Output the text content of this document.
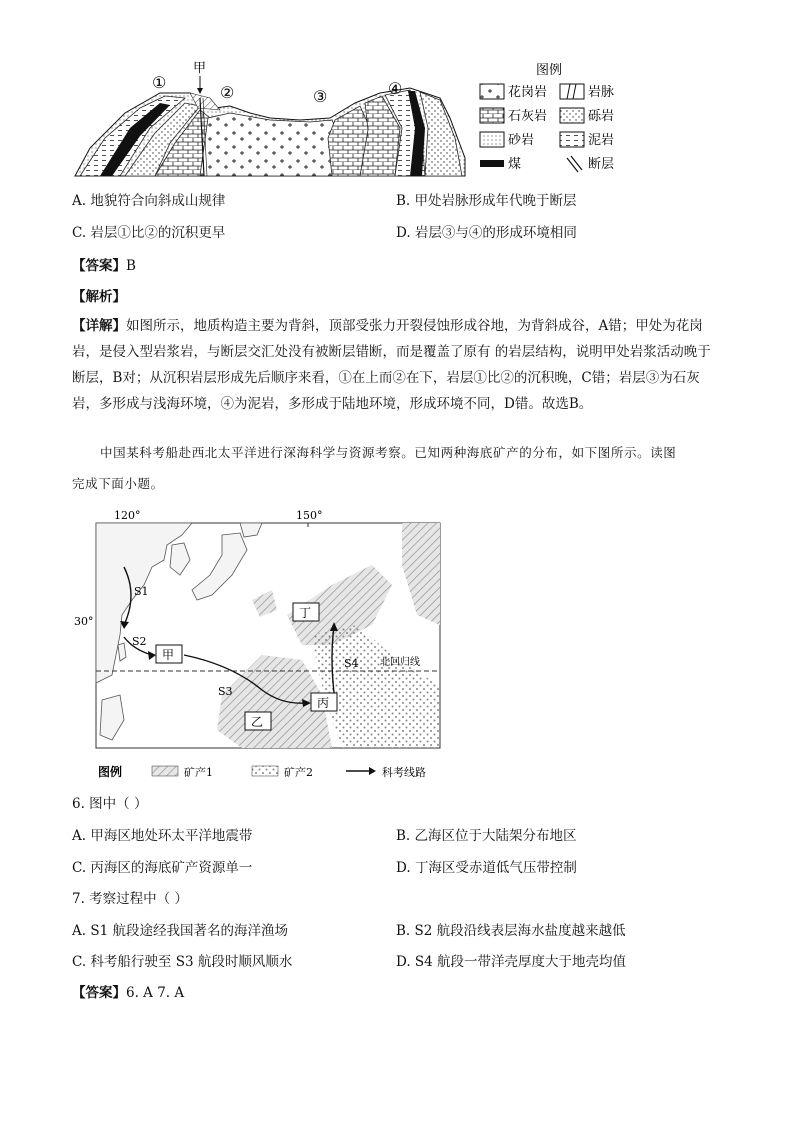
①
甲
②	③	④
图例
花岗岩	岩脉
石灰岩	砾岩
砂岩	泥岩
煤	断层
A. 地貌符合向斜成山规律	B. 甲处岩脉形成年代晚于断层
C. 岩层①比②的沉积更早	D. 岩层③与④的形成环境相同
【答案】B
【解析】
【详解】如图所示，地质构造主要为背斜，顶部受张力开裂侵蚀形成谷地，为背斜成谷，A错；甲处为花岗岩，是侵入型岩浆岩，与断层交汇处没有被断层错断，而是覆盖了原有 的岩层结构，说明甲处岩浆活动晚于断层，B对；从沉积岩层形成先后顺序来看，①在上而②在下，岩层①比②的沉积晚，C错；岩层③为石灰岩，多形成与浅海环境，④为泥岩，多形成于陆地环境，形成环境不同，D错。故选B。
中国某科考船赴西北太平洋进行深海科学与资源考察。已知两种海底矿产的分布，如下图所示。读图
完成下面小题。
120°	150°
30°
北回归线
S1
S2
S3
S4
甲
乙
丙
丁
图例	矿产1	矿产2	科考线路
6. 图中（ ）
A. 甲海区地处环太平洋地震带	B. 乙海区位于大陆架分布地区
C. 丙海区的海底矿产资源单一	D. 丁海区受赤道低气压带控制
7. 考察过程中（ ）
A. S1 航段途经我国著名的海洋渔场	B. S2 航段沿线表层海水盐度越来越低
C. 科考船行驶至 S3 航段时顺风顺水	D. S4 航段一带洋壳厚度大于地壳均值
【答案】6. A 7. A
